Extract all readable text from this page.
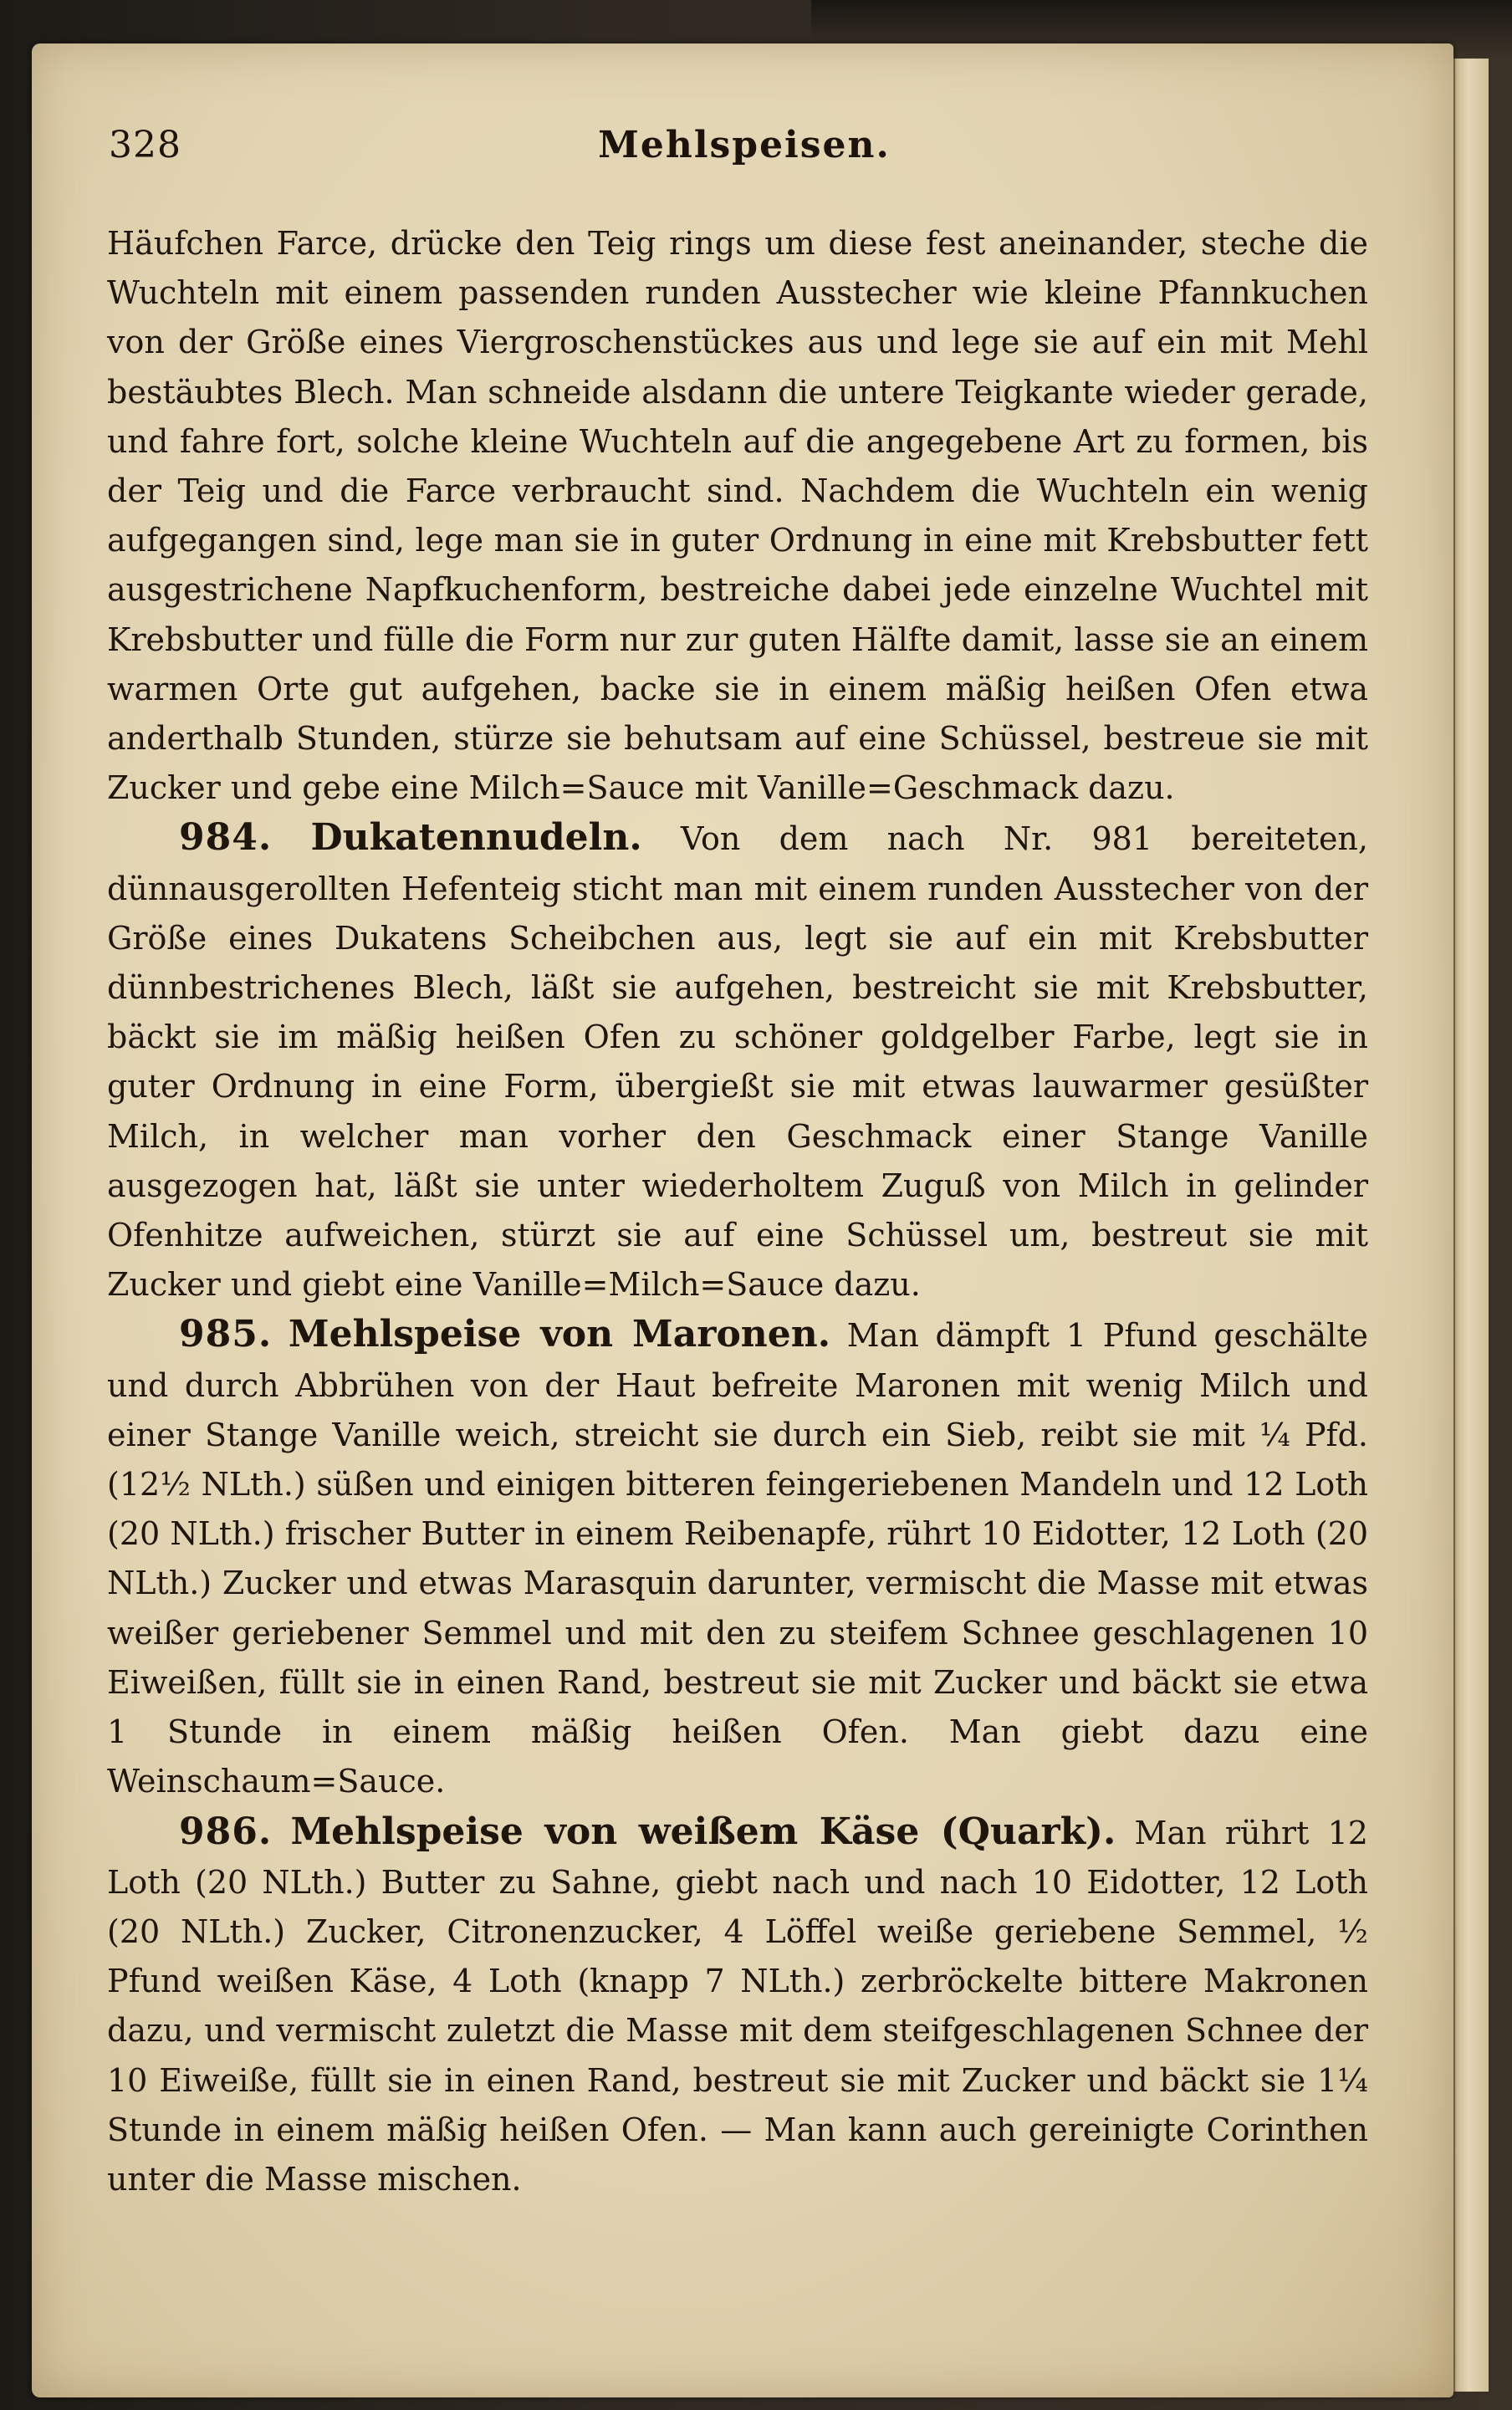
Mehlspeisen.
328

Häufchen Farce, drücke den Teig rings um diese fest aneinander, steche die Wuchteln mit einem passenden runden Ausstecher wie kleine Pfannkuchen von der Größe eines Viergroschenstückes aus und lege sie auf ein mit Mehl bestäubtes Blech. Man schneide alsdann die untere Teigkante wieder gerade, und fahre fort, solche kleine Wuchteln auf die angegebene Art zu formen, bis der Teig und die Farce verbraucht sind. Nachdem die Wuchteln ein wenig aufgegangen sind, lege man sie in guter Ordnung in eine mit Krebsbutter fett ausgestrichene Napfkuchenform, bestreiche dabei jede einzelne Wuchtel mit Krebsbutter und fülle die Form nur zur guten Hälfte damit, lasse sie an einem warmen Orte gut aufgehen, backe sie in einem mäßig heißen Ofen etwa anderthalb Stunden, stürze sie behutsam auf eine Schüssel, bestreue sie mit Zucker und gebe eine Milch=Sauce mit Vanille=Geschmack dazu.

984. Dukatennudeln. Von dem nach Nr. 981 bereiteten, dünnausgerollten Hefenteig sticht man mit einem runden Ausstecher von der Größe eines Dukatens Scheibchen aus, legt sie auf ein mit Krebsbutter dünnbestrichenes Blech, läßt sie aufgehen, bestreicht sie mit Krebsbutter, bäckt sie im mäßig heißen Ofen zu schöner goldgelber Farbe, legt sie in guter Ordnung in eine Form, übergießt sie mit etwas lauwarmer gesüßter Milch, in welcher man vorher den Geschmack einer Stange Vanille ausgezogen hat, läßt sie unter wiederholtem Zuguß von Milch in gelinder Ofenhitze aufweichen, stürzt sie auf eine Schüssel um, bestreut sie mit Zucker und giebt eine Vanille=Milch=Sauce dazu.

985. Mehlspeise von Maronen. Man dämpft 1 Pfund geschälte und durch Abbrühen von der Haut befreite Maronen mit wenig Milch und einer Stange Vanille weich, streicht sie durch ein Sieb, reibt sie mit ¼ Pfd. (12½ NLth.) süßen und einigen bitteren feingeriebenen Mandeln und 12 Loth (20 NLth.) frischer Butter in einem Reibenapfe, rührt 10 Eidotter, 12 Loth (20 NLth.) Zucker und etwas Marasquin darunter, vermischt die Masse mit etwas weißer geriebener Semmel und mit den zu steifem Schnee geschlagenen 10 Eiweißen, füllt sie in einen Rand, bestreut sie mit Zucker und bäckt sie etwa 1 Stunde in einem mäßig heißen Ofen. Man giebt dazu eine Weinschaum=Sauce.

986. Mehlspeise von weißem Käse (Quark). Man rührt 12 Loth (20 NLth.) Butter zu Sahne, giebt nach und nach 10 Eidotter, 12 Loth (20 NLth.) Zucker, Citronenzucker, 4 Löffel weiße geriebene Semmel, ½ Pfund weißen Käse, 4 Loth (knapp 7 NLth.) zerbröckelte bittere Makronen dazu, und vermischt zuletzt die Masse mit dem steifgeschlagenen Schnee der 10 Eiweiße, füllt sie in einen Rand, bestreut sie mit Zucker und bäckt sie 1¼ Stunde in einem mäßig heißen Ofen. — Man kann auch gereinigte Corinthen unter die Masse mischen.
